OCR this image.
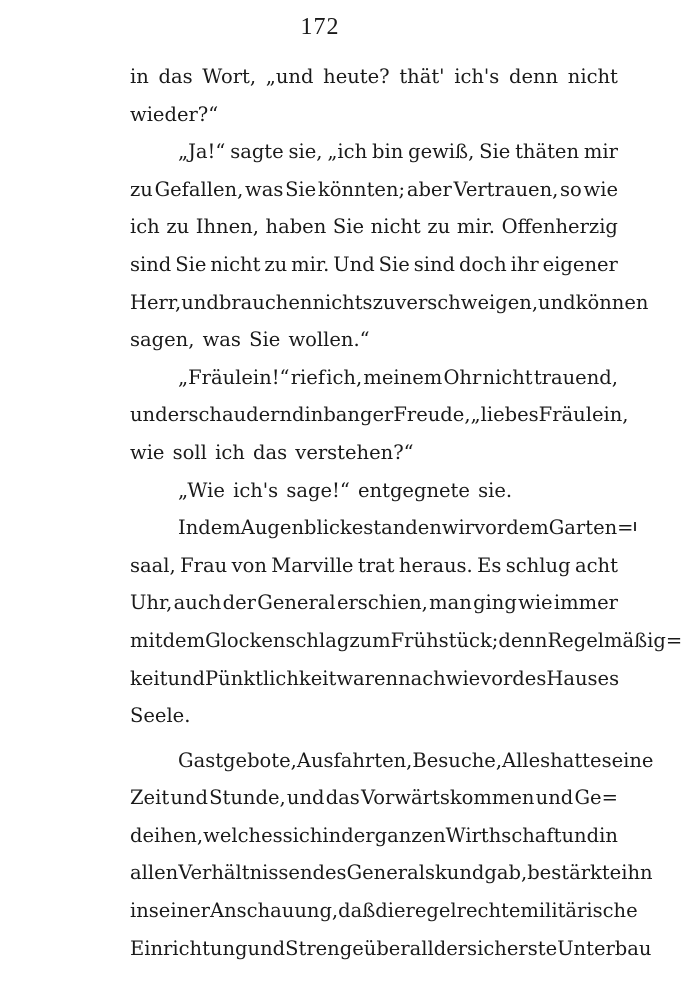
172
in das Wort, „und heute? thät' ich's denn nicht
wieder?“
„Ja!“ sagte sie, „ich bin gewiß, Sie thäten mir
zu Gefallen, was Sie könnten; aber Vertrauen, so wie
ich zu Ihnen, haben Sie nicht zu mir. Offenherzig
sind Sie nicht zu mir. Und Sie sind doch ihr eigener
Herr, und brauchen nichts zu verschweigen, und können
sagen, was Sie wollen.“
„Fräulein!“ rief ich, meinem Ohr nicht trauend,
und erschaudernd in banger Freude, „liebes Fräulein,
wie soll ich das verstehen?“
„Wie ich's sage!“ entgegnete sie.
In dem Augenblicke standen wir vor dem Garten=
saal, Frau von Marville trat heraus. Es schlug acht
Uhr, auch der General erschien, man ging wie immer
mit dem Glockenschlag zum Frühstück; denn Regelmäßig=
keit und Pünktlichkeit waren nach wie vor des Hauses
Seele.
Gastgebote, Ausfahrten, Besuche, Alles hatte seine
Zeit und Stunde, und das Vorwärtskommen und Ge=
deihen, welches sich in der ganzen Wirthschaft und in
allen Verhältnissen des Generals kundgab, bestärkte ihn
in seiner Anschauung, daß die regelrechte militärische
Einrichtung und Strenge überall der sicherste Unterbau
